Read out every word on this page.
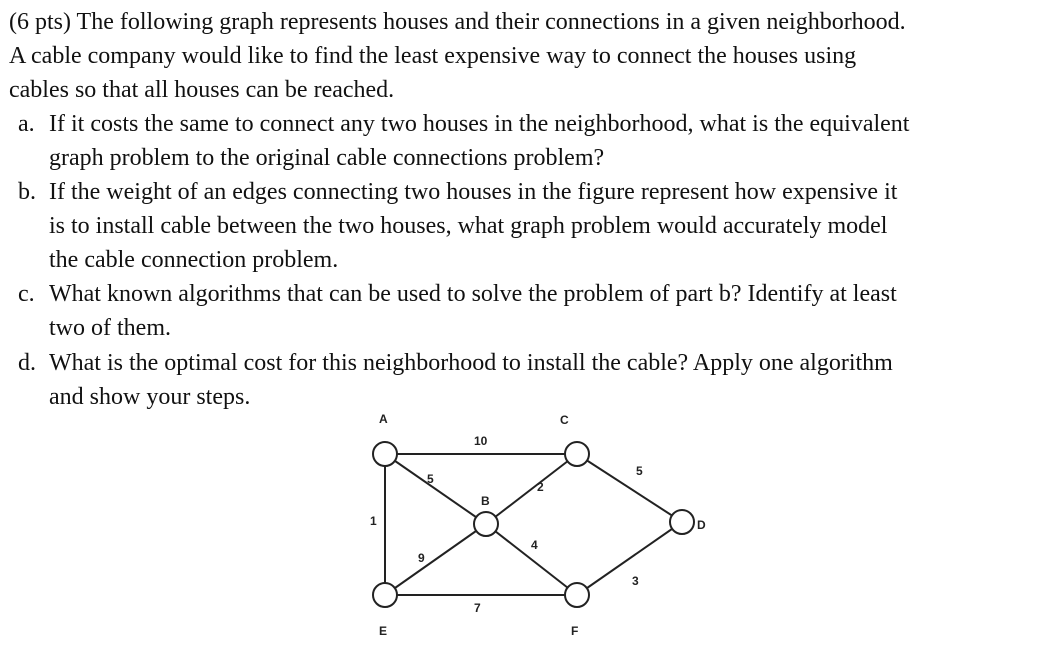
(6 pts) The following graph represents houses and their connections in a given neighborhood.
A cable company would like to find the least expensive way to connect the houses using
cables so that all houses can be reached.
a. If it costs the same to connect any two houses in the neighborhood, what is the equivalent
graph problem to the original cable connections problem?
b. If the weight of an edges connecting two houses in the figure represent how expensive it
is to install cable between the two houses, what graph problem would accurately model
the cable connection problem.
c. What known algorithms that can be used to solve the problem of part b? Identify at least
two of them.
d. What is the optimal cost for this neighborhood to install the cable? Apply one algorithm
and show your steps.
A
B
C
D
E	F
10
5
1
9
2
4
7
5
3
